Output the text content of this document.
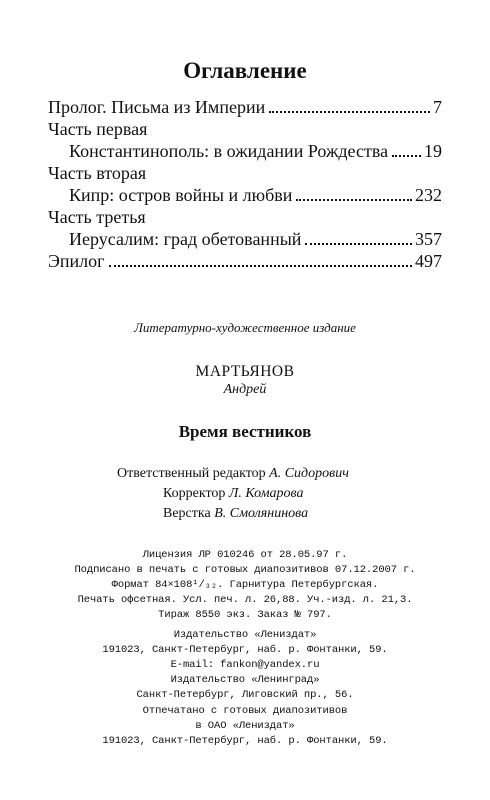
Оглавление
Пролог. Письма из Империи	7
Часть первая
Константинополь: в ожидании Рождества 19
Часть вторая
Кипр: остров войны и любви	232
Часть третья
Иерусалим: град обетованный	357
Эпилог	497
Литературно-художественное издание
МАРТЬЯНОВ
Андрей
Время вестников
Ответственный редактор А. Сидорович
Корректор Л. Комарова
Верстка В. Смолянинова
Лицензия ЛР 010246 от 28.05.97 г.
Подписано в печать с готовых диапозитивов 07.12.2007 г.
Формат 84×108¹/₃₂. Гарнитура Петербургская.
Печать офсетная. Усл. печ. л. 26,88. Уч.-изд. л. 21,3.
Тираж 8550 экз. Заказ № 797.
Издательство «Лениздат»
191023, Санкт-Петербург, наб. р. Фонтанки, 59.
E-mail: fankon@yandex.ru
Издательство «Ленинград»
Санкт-Петербург, Лиговский пр., 56.
Отпечатано с готовых диапозитивов
в ОАО «Лениздат»
191023, Санкт-Петербург, наб. р. Фонтанки, 59.
